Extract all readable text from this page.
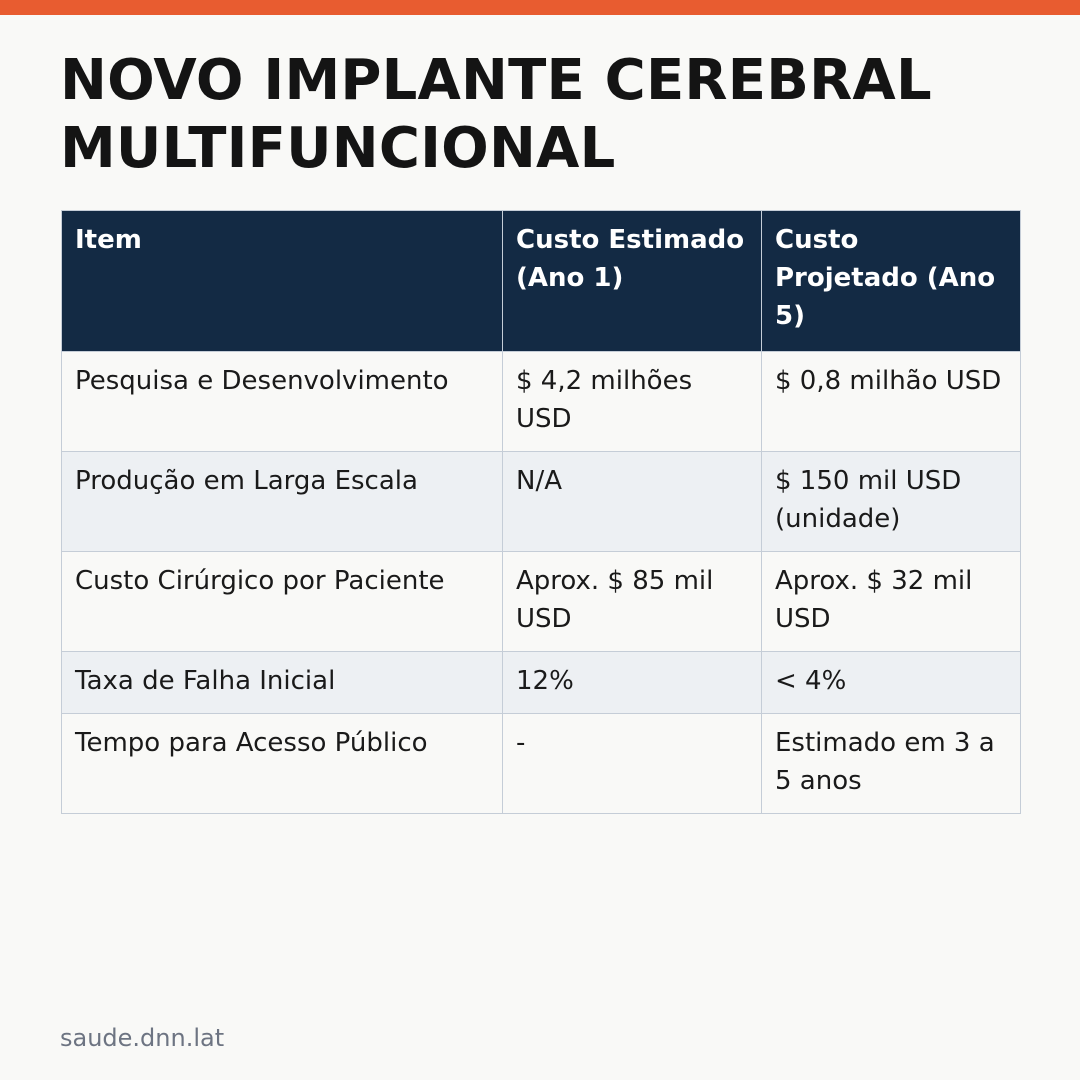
NOVO IMPLANTE CEREBRAL
MULTIFUNCIONAL
Item	Custo Estimado (Ano 1)	Custo Projetado (Ano 5)
Pesquisa e Desenvolvimento	$ 4,2 milhões USD	$ 0,8 milhão USD
Produção em Larga Escala	N/A	$ 150 mil USD (unidade)
Custo Cirúrgico por Paciente	Aprox. $ 85 mil USD	Aprox. $ 32 mil USD
Taxa de Falha Inicial	12%	< 4%
Tempo para Acesso Público	-	Estimado em 3 a 5 anos
saude.dnn.lat
